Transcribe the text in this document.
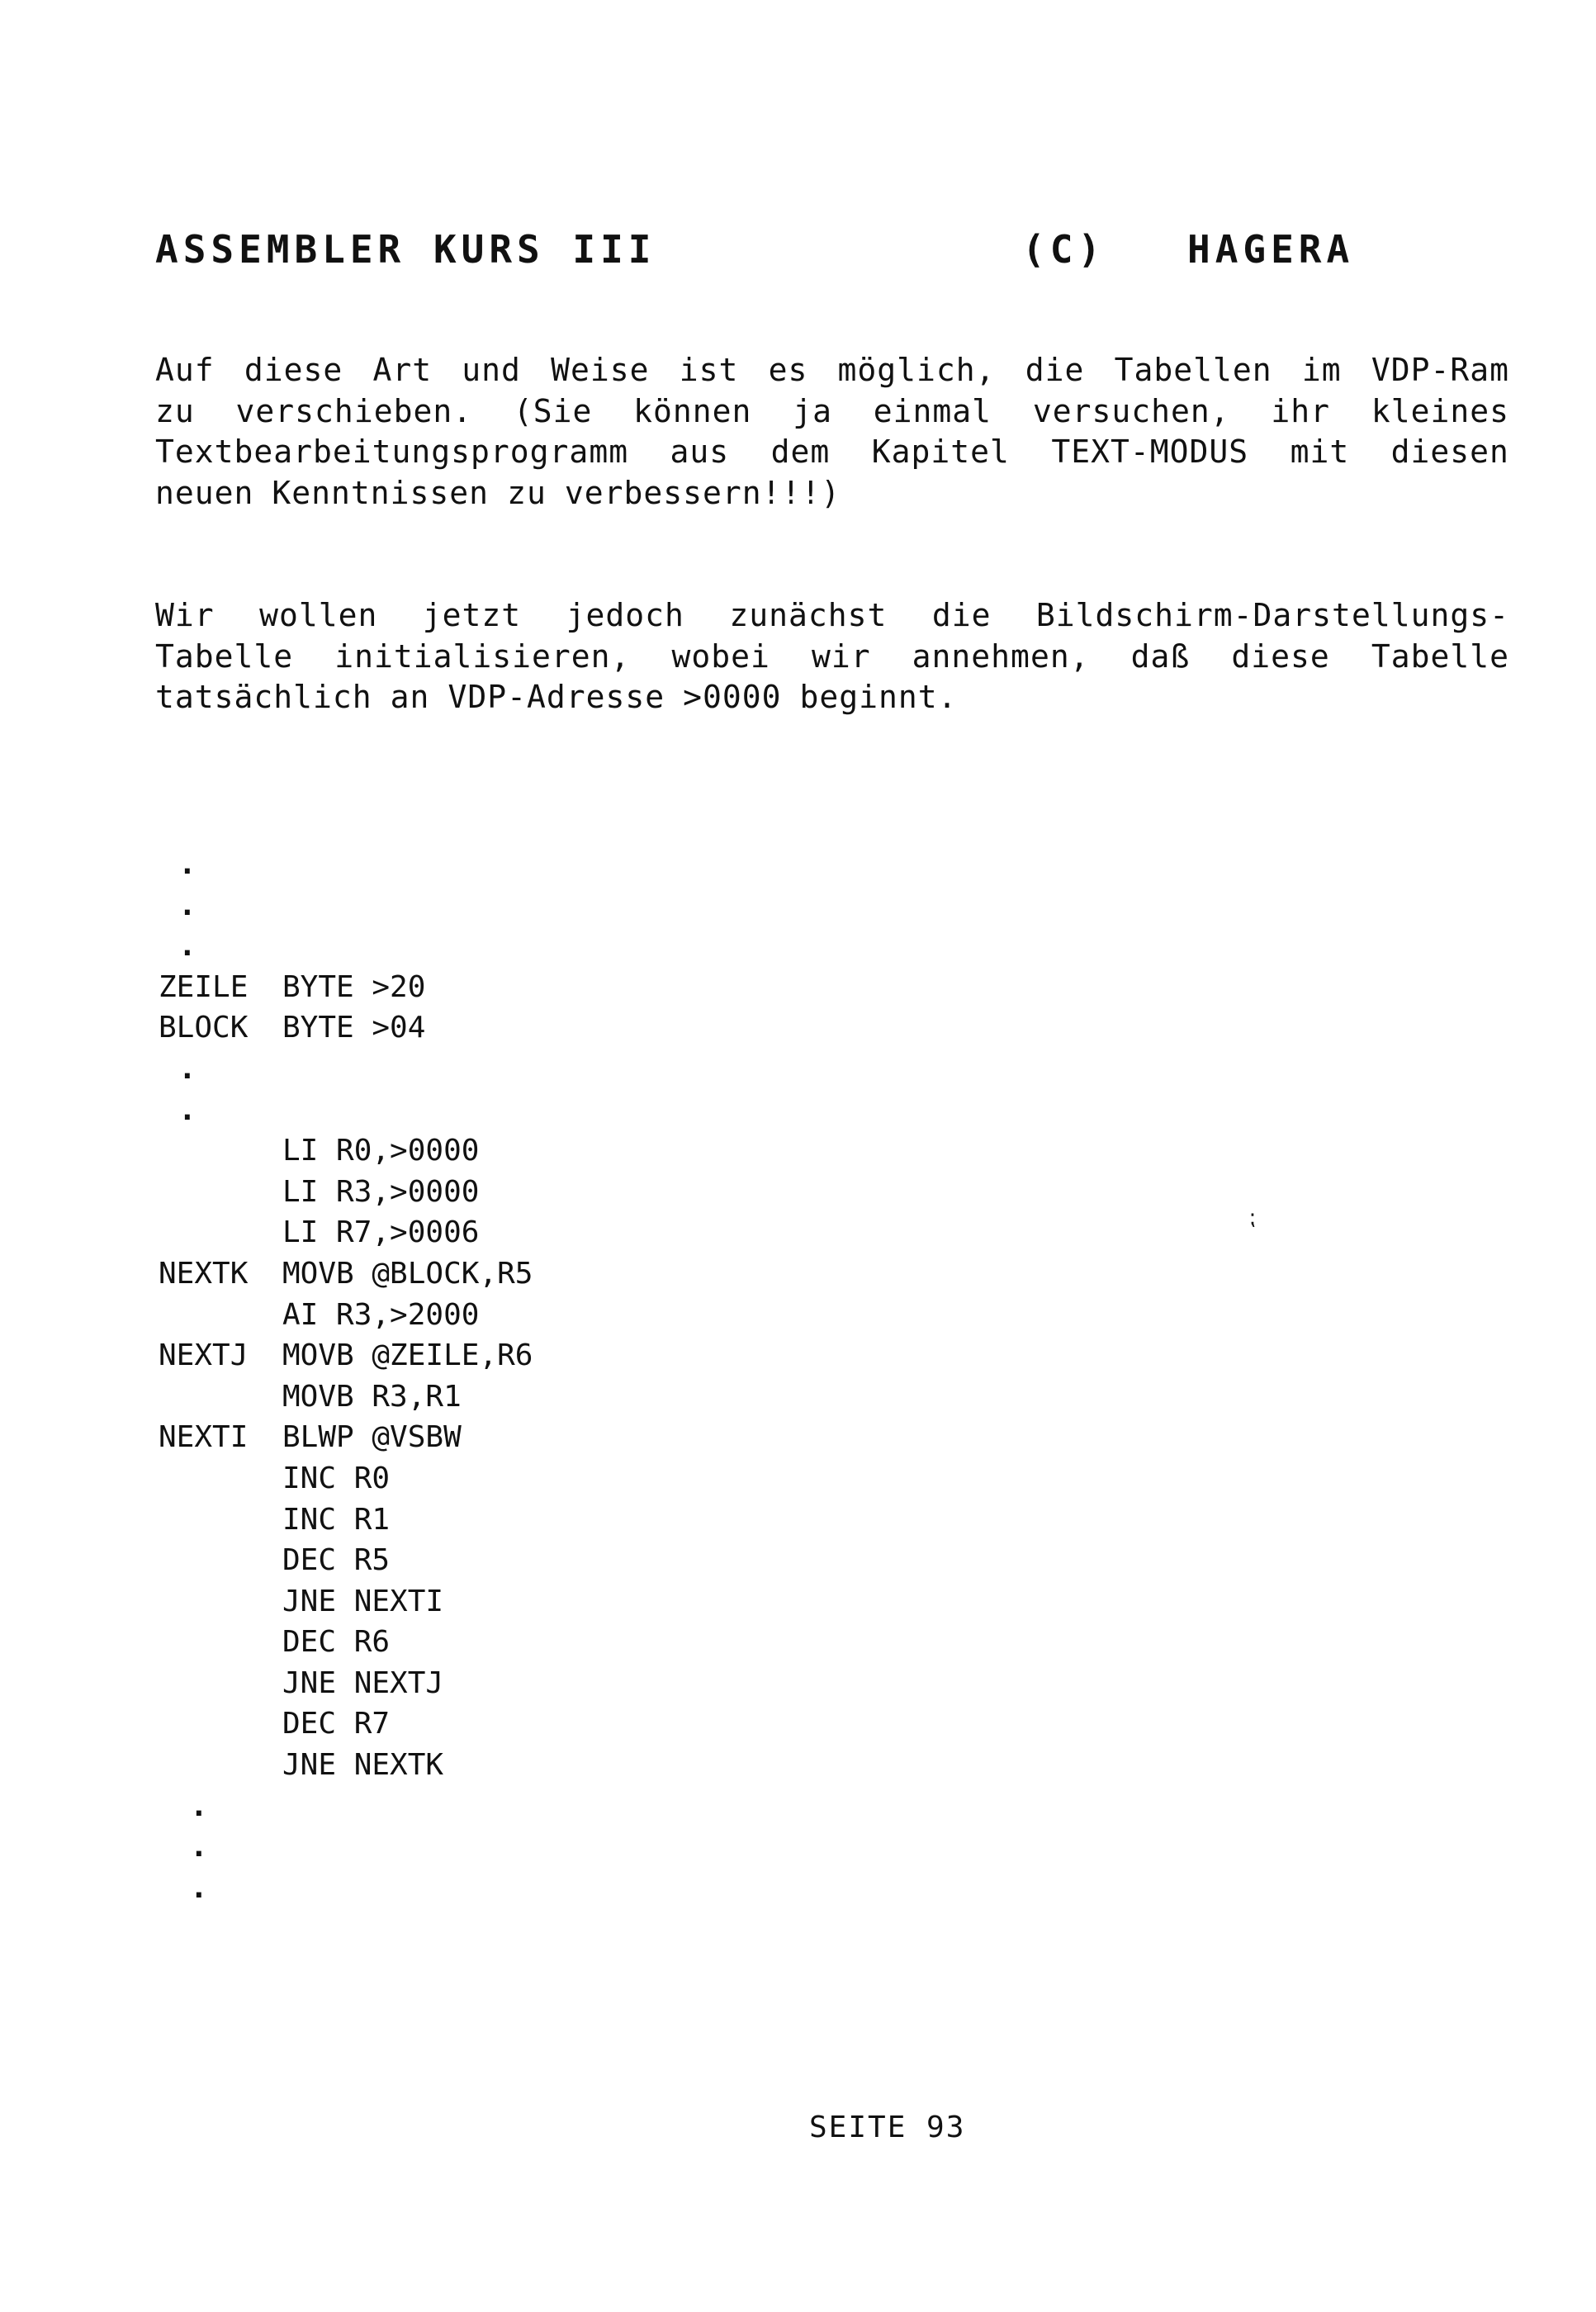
ASSEMBLER KURS III	(C) HAGERA
Auf diese Art und Weise ist es möglich, die Tabellen im VDP-Ram
zu verschieben. (Sie können ja einmal versuchen, ihr kleines
Textbearbeitungsprogramm aus dem Kapitel TEXT-MODUS mit diesen
neuen Kenntnissen zu verbessern!!!)
Wir wollen jetzt jedoch zunächst die Bildschirm-Darstellungs-
Tabelle initialisieren, wobei wir annehmen, daß diese Tabelle
tatsächlich an VDP-Adresse >0000 beginnt.
.
.
.
ZEILE BYTE >20
BLOCK BYTE >04
.
.
LI R0,>0000
LI R3,>0000
LI R7,>0006
NEXTK MOVB @BLOCK,R5
AI R3,>2000
NEXTJ MOVB @ZEILE,R6
MOVB R3,R1
NEXTI BLWP @VSBW
INC R0
INC R1
DEC R5
JNE NEXTI
DEC R6
JNE NEXTJ
DEC R7
JNE NEXTK
.
.
.
⁏
SEITE 93
